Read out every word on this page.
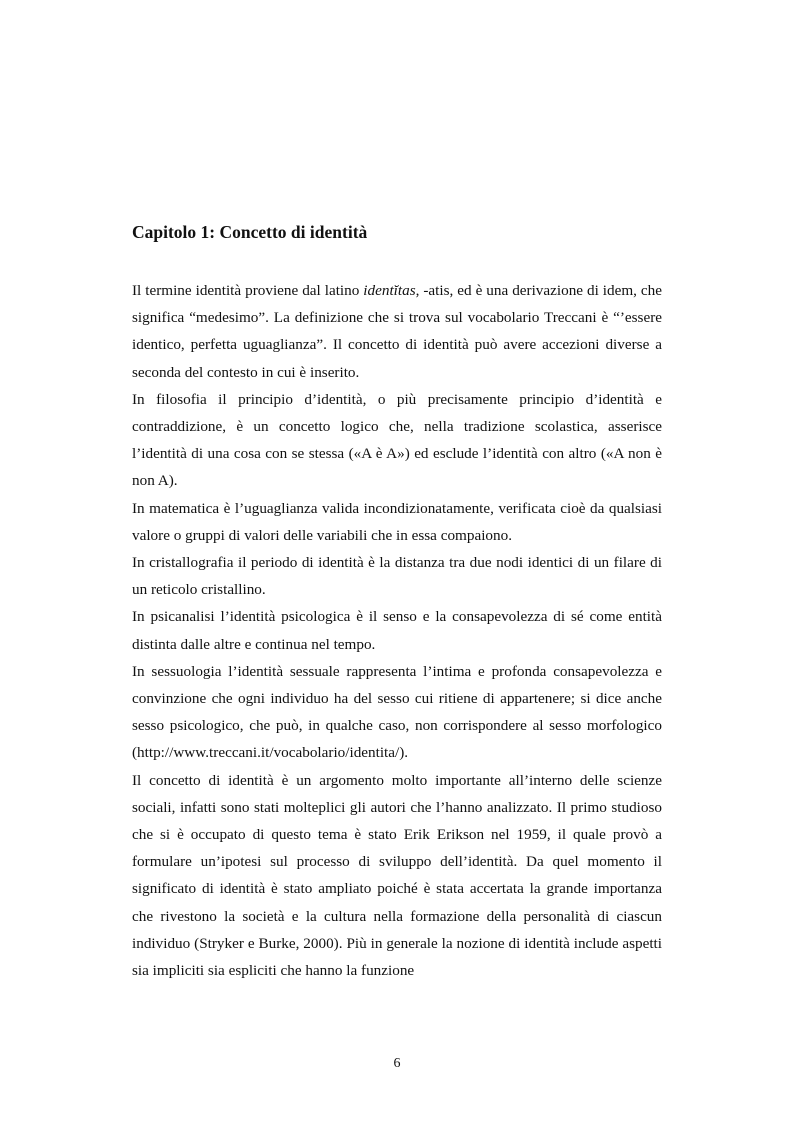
Capitolo 1: Concetto di identità

Il termine identità proviene dal latino identĭtas, -atis, ed è una derivazione di idem, che significa “medesimo”. La definizione che si trova sul vocabolario Treccani è “’essere identico, perfetta uguaglianza”. Il concetto di identità può avere accezioni diverse a seconda del contesto in cui è inserito.

In filosofia il principio d’identità, o più precisamente principio d’identità e contraddizione, è un concetto logico che, nella tradizione scolastica, asserisce l’identità di una cosa con se stessa («A è A») ed esclude l’identità con altro («A non è non A).

In matematica è l’uguaglianza valida incondizionatamente, verificata cioè da qualsiasi valore o gruppi di valori delle variabili che in essa compaiono.

In cristallografia il periodo di identità è la distanza tra due nodi identici di un filare di un reticolo cristallino.

In psicanalisi l’identità psicologica è il senso e la consapevolezza di sé come entità distinta dalle altre e continua nel tempo.

In sessuologia l’identità sessuale rappresenta l’intima e profonda consapevolezza e convinzione che ogni individuo ha del sesso cui ritiene di appartenere; si dice anche sesso psicologico, che può, in qualche caso, non corrispondere al sesso morfologico (http://www.treccani.it/vocabolario/identita/).

Il concetto di identità è un argomento molto importante all’interno delle scienze sociali, infatti sono stati molteplici gli autori che l’hanno analizzato. Il primo studioso che si è occupato di questo tema è stato Erik Erikson nel 1959, il quale provò a formulare un’ipotesi sul processo di sviluppo dell’identità. Da quel momento il significato di identità è stato ampliato poiché è stata accertata la grande importanza che rivestono la società e la cultura nella formazione della personalità di ciascun individuo (Stryker e Burke, 2000). Più in generale la nozione di identità include aspetti sia impliciti sia espliciti che hanno la funzione

6
